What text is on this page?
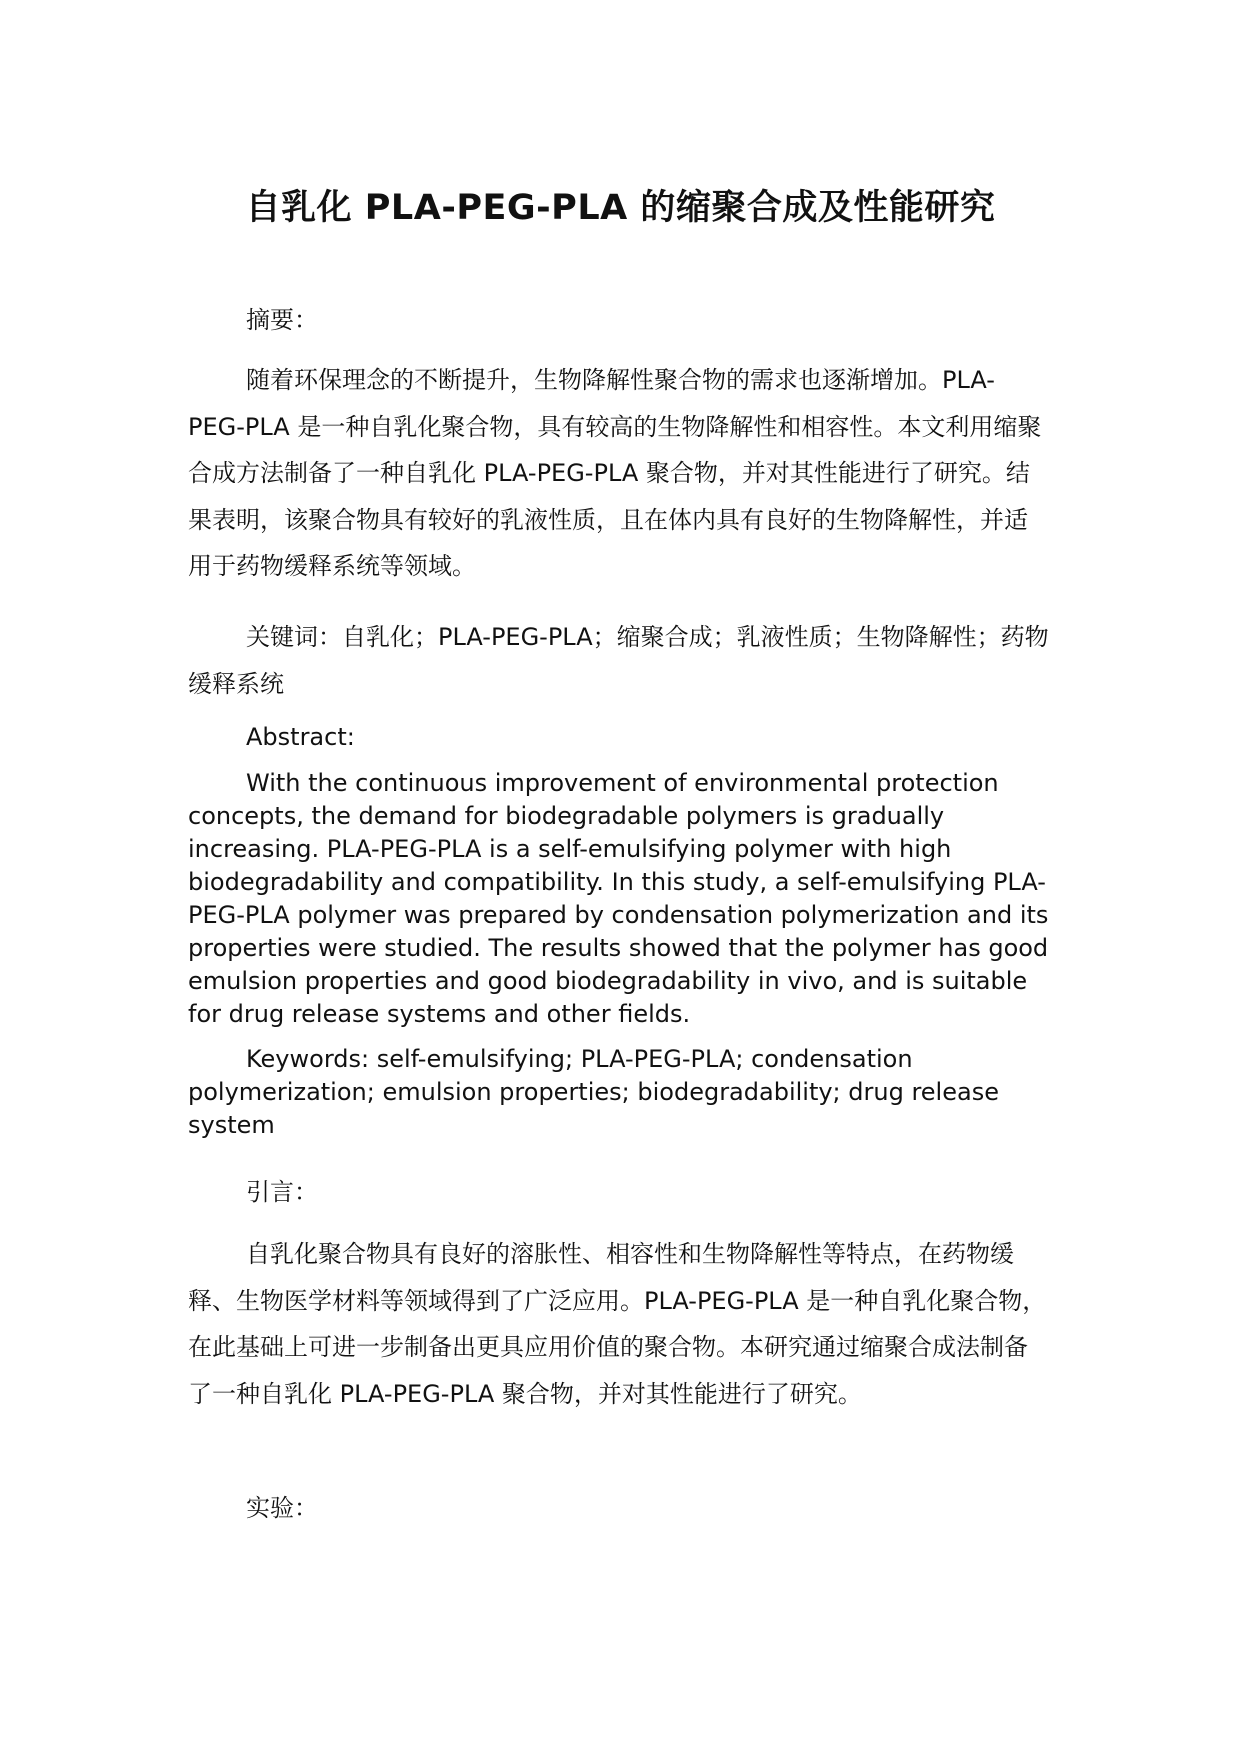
自乳化 PLA-PEG-PLA 的缩聚合成及性能研究
摘要：

随着环保理念的不断提升，生物降解性聚合物的需求也逐渐增加。PLA-PEG-PLA 是一种自乳化聚合物，具有较高的生物降解性和相容性。本文利用缩聚合成方法制备了一种自乳化 PLA-PEG-PLA 聚合物，并对其性能进行了研究。结果表明，该聚合物具有较好的乳液性质，且在体内具有良好的生物降解性，并适用于药物缓释系统等领域。

关键词：自乳化；PLA-PEG-PLA；缩聚合成；乳液性质；生物降解性；药物缓释系统

Abstract:

With the continuous improvement of environmental protection concepts, the demand for biodegradable polymers is gradually increasing. PLA-PEG-PLA is a self-emulsifying polymer with high biodegradability and compatibility. In this study, a self-emulsifying PLA-PEG-PLA polymer was prepared by condensation polymerization and its properties were studied. The results showed that the polymer has good emulsion properties and good biodegradability in vivo, and is suitable for drug release systems and other fields.

Keywords: self-emulsifying; PLA-PEG-PLA; condensation polymerization; emulsion properties; biodegradability; drug release system

引言：

自乳化聚合物具有良好的溶胀性、相容性和生物降解性等特点，在药物缓释、生物医学材料等领域得到了广泛应用。PLA-PEG-PLA 是一种自乳化聚合物，在此基础上可进一步制备出更具应用价值的聚合物。本研究通过缩聚合成法制备了一种自乳化 PLA-PEG-PLA 聚合物，并对其性能进行了研究。

实验：
